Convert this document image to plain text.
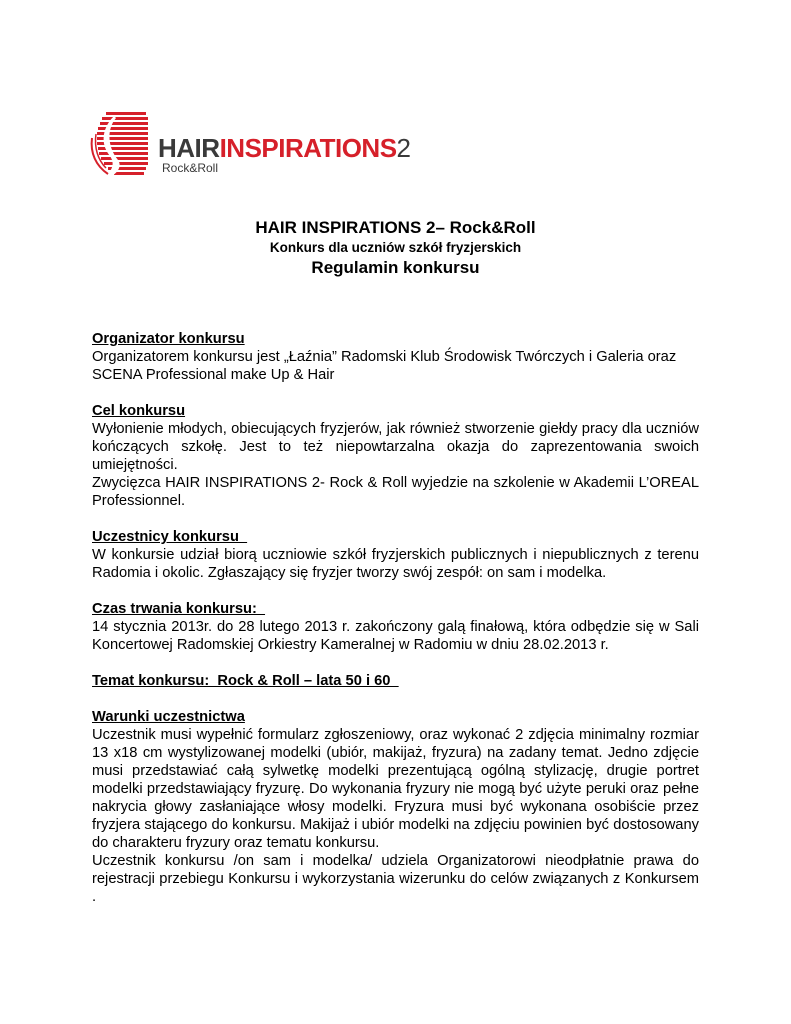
HAIRINSPIRATIONS2
Rock&Roll
HAIR INSPIRATIONS 2– Rock&Roll
Konkurs dla uczniów szkół fryzjerskich
Regulamin konkursu
Organizator konkursu
Organizatorem konkursu jest „Łaźnia” Radomski Klub Środowisk Twórczych i Galeria oraz
SCENA Professional make Up & Hair
Cel konkursu
Wyłonienie młodych, obiecujących fryzjerów, jak również stworzenie giełdy pracy dla uczniów kończących szkołę. Jest to też niepowtarzalna okazja do zaprezentowania swoich umiejętności.
Zwycięzca HAIR INSPIRATIONS 2- Rock & Roll wyjedzie na szkolenie w Akademii L’OREAL Professionnel.
Uczestnicy konkursu
W konkursie udział biorą uczniowie szkół fryzjerskich publicznych i niepublicznych z terenu Radomia i okolic. Zgłaszający się fryzjer tworzy swój zespół: on sam i modelka.
Czas trwania konkursu:
14 stycznia 2013r. do 28 lutego 2013 r. zakończony galą finałową, która odbędzie się w Sali Koncertowej Radomskiej Orkiestry Kameralnej w Radomiu w dniu 28.02.2013 r.
Temat konkursu:  Rock & Roll – lata 50 i 60
Warunki uczestnictwa
Uczestnik musi wypełnić formularz zgłoszeniowy, oraz wykonać 2 zdjęcia minimalny rozmiar 13 x18 cm wystylizowanej modelki (ubiór, makijaż, fryzura) na zadany temat. Jedno zdjęcie musi przedstawiać całą sylwetkę modelki prezentującą ogólną stylizację, drugie portret modelki przedstawiający fryzurę. Do wykonania fryzury nie mogą być użyte peruki oraz pełne nakrycia głowy zasłaniające włosy modelki. Fryzura musi być wykonana osobiście przez fryzjera stającego do konkursu. Makijaż i ubiór modelki na zdjęciu powinien być dostosowany do charakteru fryzury oraz tematu konkursu.
Uczestnik konkursu /on sam i modelka/ udziela Organizatorowi nieodpłatnie prawa do rejestracji przebiegu Konkursu i wykorzystania wizerunku do celów związanych z Konkursem .
